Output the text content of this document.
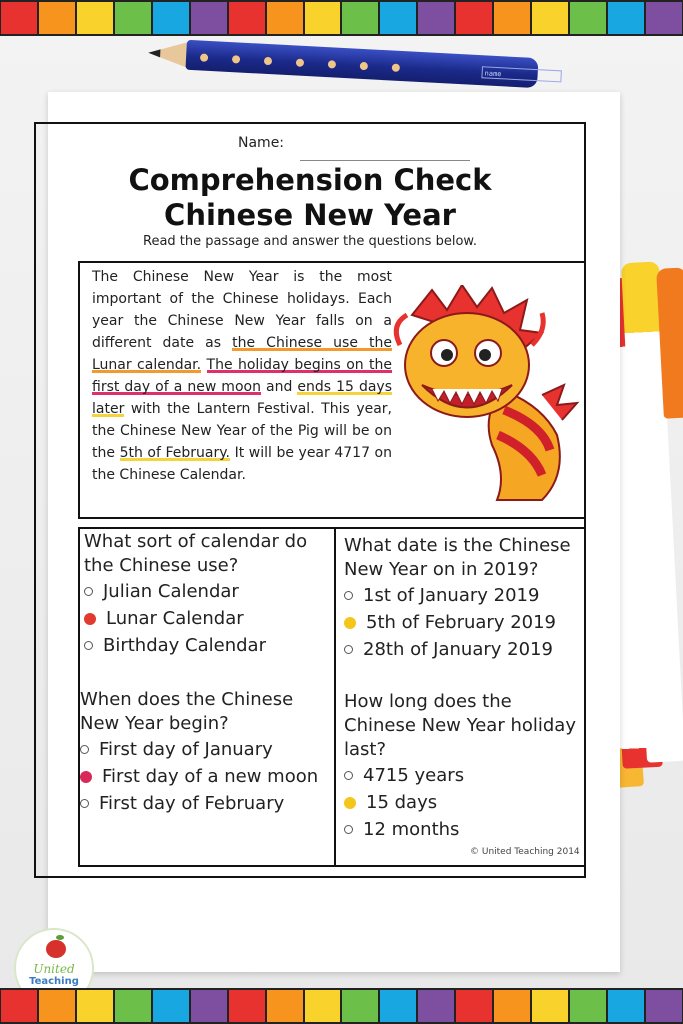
name
Name:
Comprehension Check
Chinese New Year
Read the passage and answer the questions below.
The Chinese New Year is the most important of the Chinese holidays. Each year the Chinese New Year falls on a different date as the Chinese use the Lunar calendar. The holiday begins on the first day of a new moon and ends 15 days later with the Lantern Festival. This year, the Chinese New Year of the Pig will be on the 5th of February. It will be year 4717 on the Chinese Calendar.
What sort of calendar do the Chinese use?
Julian Calendar
Lunar Calendar
Birthday Calendar
What date is the Chinese New Year on in 2019?
1st of January 2019
5th of February 2019
28th of January 2019
When does the Chinese New Year begin?
First day of January
First day of a new moon
First day of February
How long does the Chinese New Year holiday last?
4715 years
15 days
12 months
© United Teaching 2014
United
Teaching
